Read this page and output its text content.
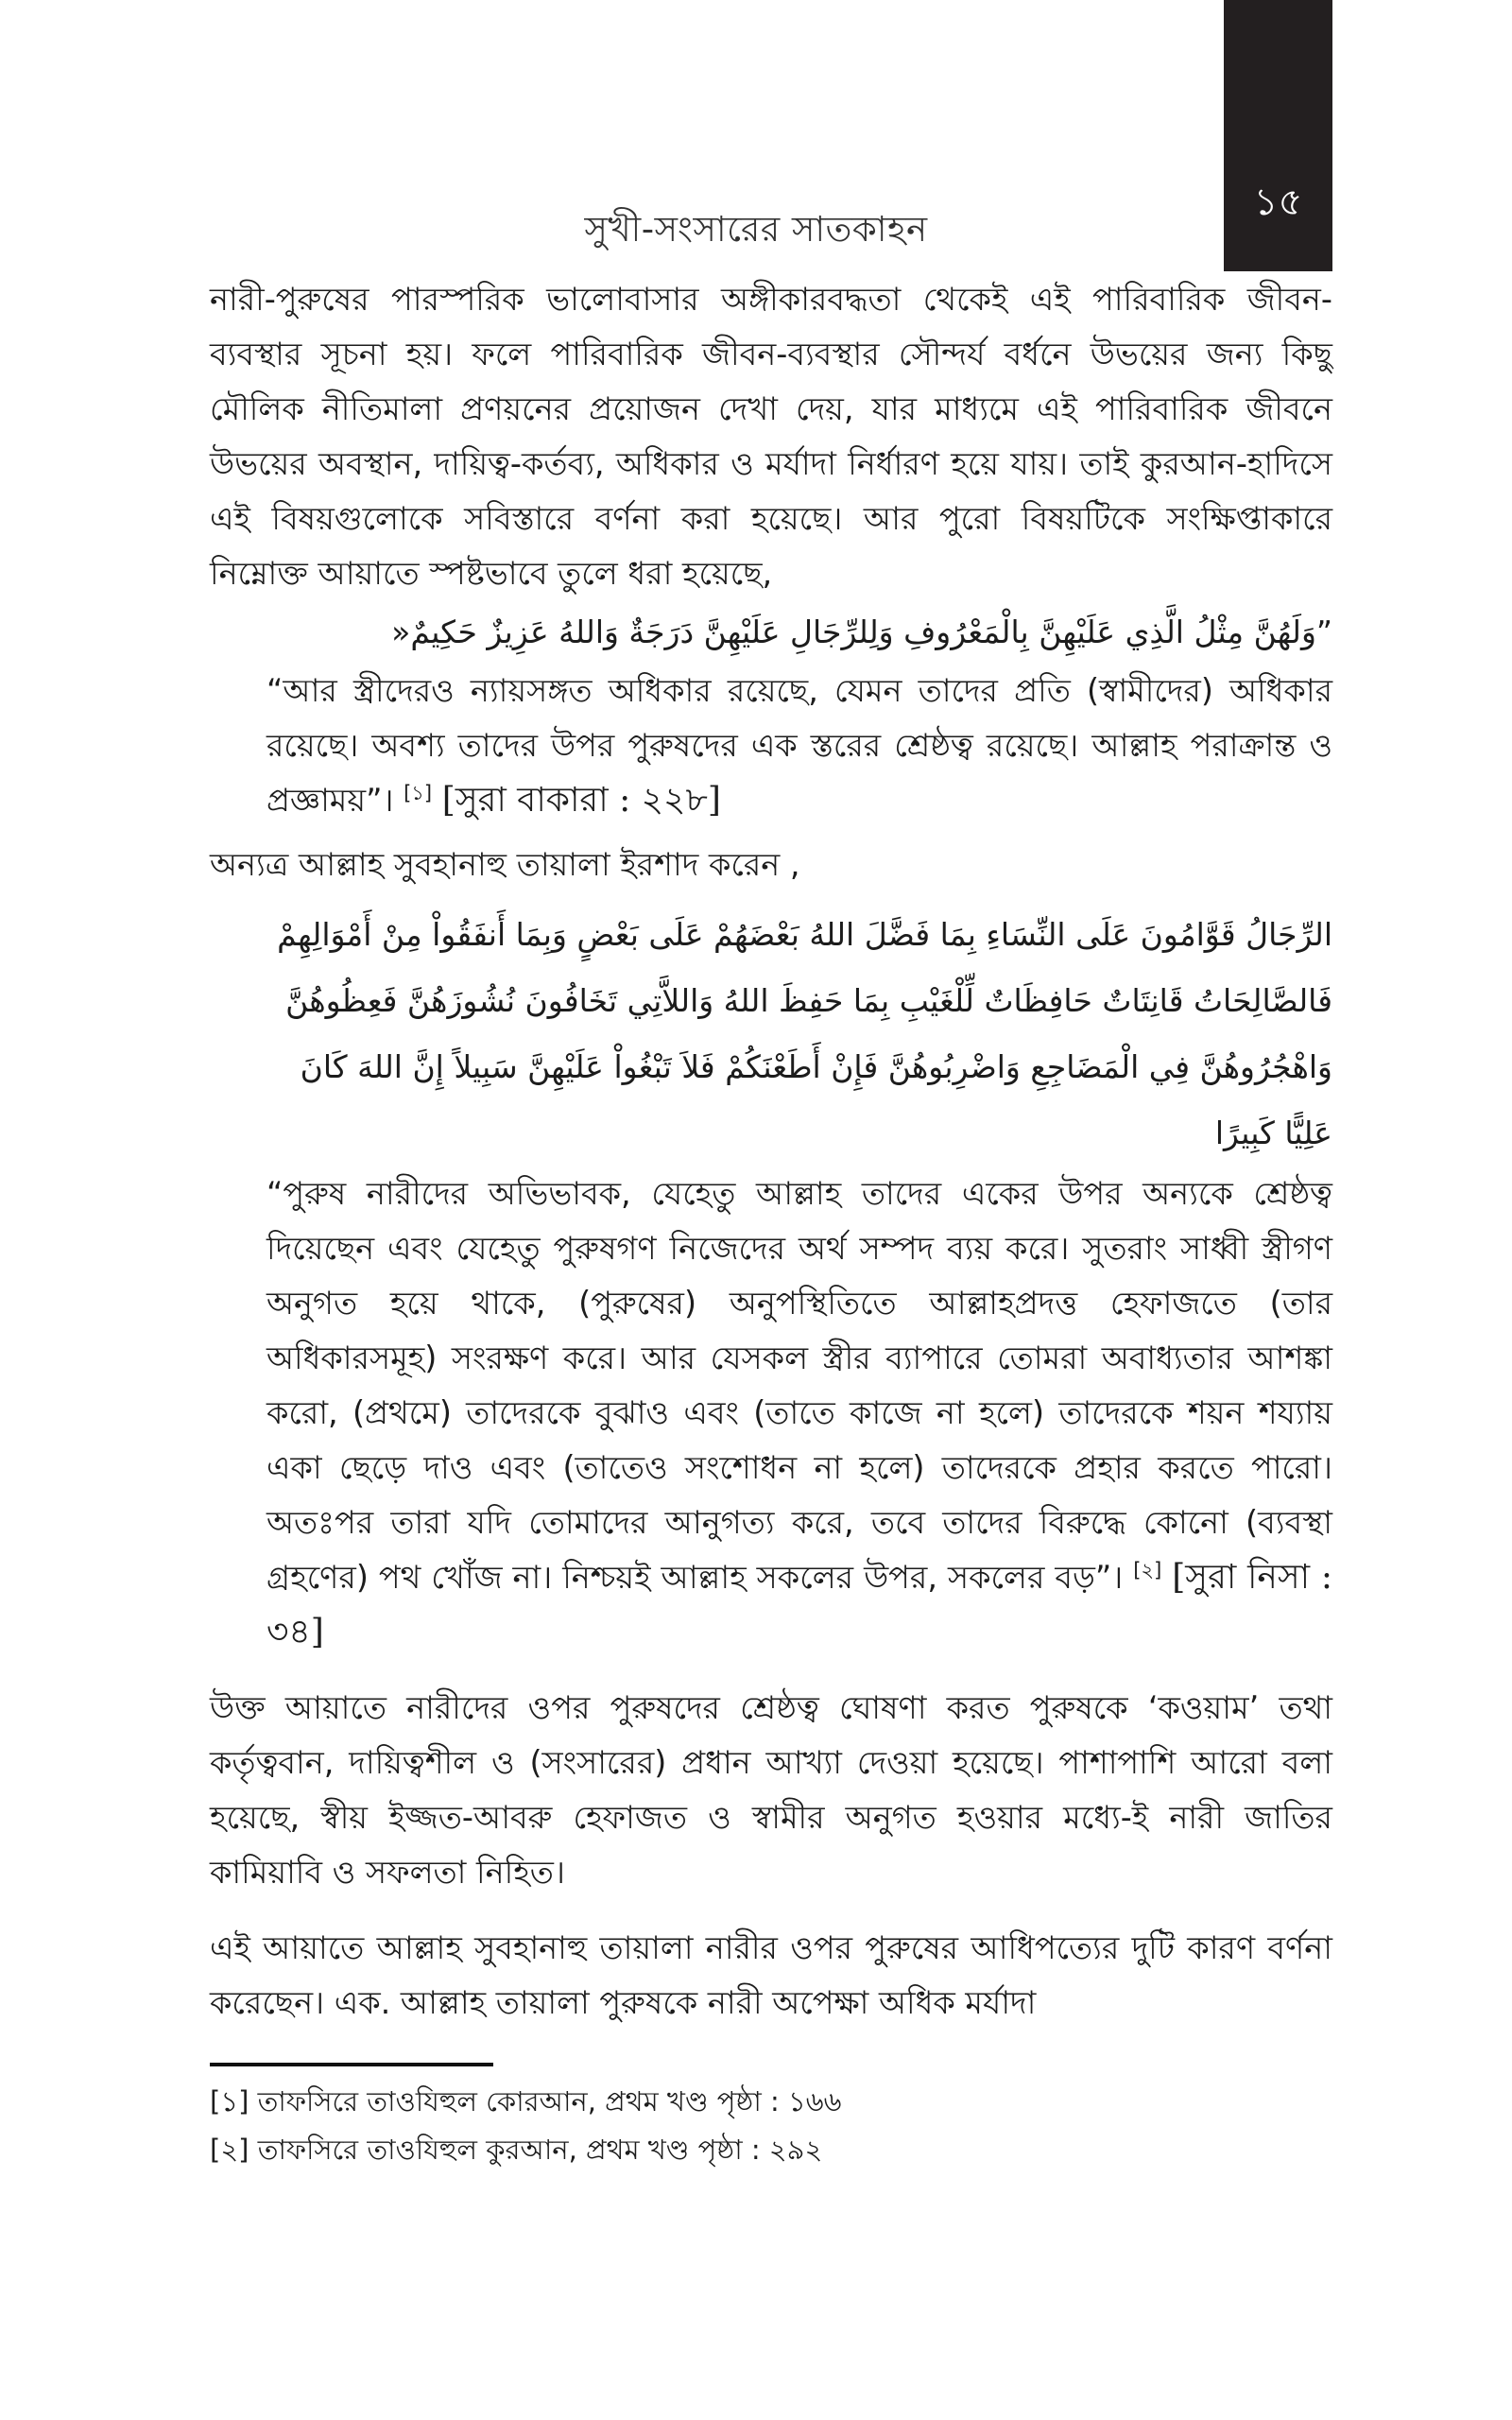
১৫
সুখী-সংসারের সাতকাহন

নারী-পুরুষের পারস্পরিক ভালোবাসার অঙ্গীকারবদ্ধতা থেকেই এই পারিবারিক জীবন-ব্যবস্থার সূচনা হয়। ফলে পারিবারিক জীবন-ব্যবস্থার সৌন্দর্য বর্ধনে উভয়ের জন্য কিছু মৌলিক নীতিমালা প্রণয়নের প্রয়োজন দেখা দেয়, যার মাধ্যমে এই পারিবারিক জীবনে উভয়ের অবস্থান, দায়িত্ব-কর্তব্য, অধিকার ও মর্যাদা নির্ধারণ হয়ে যায়। তাই কুরআন-হাদিসে এই বিষয়গুলোকে সবিস্তারে বর্ণনা করা হয়েছে। আর পুরো বিষয়টিকে সংক্ষিপ্তাকারে নিম্নোক্ত আয়াতে স্পষ্টভাবে তুলে ধরা হয়েছে,

”وَلَهُنَّ مِثْلُ الَّذِي عَلَيْهِنَّ بِالْمَعْرُوفِ وَلِلرِّجَالِ عَلَيْهِنَّ دَرَجَةٌ وَاللهُ عَزِيزٌ حَكِيمٌ«

“আর স্ত্রীদেরও ন্যায়সঙ্গত অধিকার রয়েছে, যেমন তাদের প্রতি (স্বামীদের) অধিকার রয়েছে। অবশ্য তাদের উপর পুরুষদের এক স্তরের শ্রেষ্ঠত্ব রয়েছে। আল্লাহ পরাক্রান্ত ও প্রজ্ঞাময়”। [১] [সুরা বাকারা : ২২৮]

অন্যত্র আল্লাহ সুবহানাহু তায়ালা ইরশাদ করেন ,

الرِّجَالُ قَوَّامُونَ عَلَى النِّسَاءِ بِمَا فَضَّلَ اللهُ بَعْضَهُمْ عَلَى بَعْضٍ وَبِمَا أَنفَقُواْ مِنْ أَمْوَالِهِمْ فَالصَّالِحَاتُ قَانِتَاتٌ حَافِظَاتٌ لِّلْغَيْبِ بِمَا حَفِظَ اللهُ وَاللاَّتِي تَخَافُونَ نُشُوزَهُنَّ فَعِظُوهُنَّ وَاهْجُرُوهُنَّ فِي الْمَضَاجِعِ وَاضْرِبُوهُنَّ فَإِنْ أَطَعْنَكُمْ فَلاَ تَبْغُواْ عَلَيْهِنَّ سَبِيلاً إِنَّ اللهَ كَانَ عَلِيًّا كَبِيرًا

“পুরুষ নারীদের অভিভাবক, যেহেতু আল্লাহ তাদের একের উপর অন্যকে শ্রেষ্ঠত্ব দিয়েছেন এবং যেহেতু পুরুষগণ নিজেদের অর্থ সম্পদ ব্যয় করে। সুতরাং সাধ্বী স্ত্রীগণ অনুগত হয়ে থাকে, (পুরুষের) অনুপস্থিতিতে আল্লাহপ্রদত্ত হেফাজতে (তার অধিকারসমূহ) সংরক্ষণ করে। আর যেসকল স্ত্রীর ব্যাপারে তোমরা অবাধ্যতার আশঙ্কা করো, (প্রথমে) তাদেরকে বুঝাও এবং (তাতে কাজে না হলে) তাদেরকে শয়ন শয্যায় একা ছেড়ে দাও এবং (তাতেও সংশোধন না হলে) তাদেরকে প্রহার করতে পারো। অতঃপর তারা যদি তোমাদের আনুগত্য করে, তবে তাদের বিরুদ্ধে কোনো (ব্যবস্থা গ্রহণের) পথ খোঁজ না। নিশ্চয়ই আল্লাহ সকলের উপর, সকলের বড়”। [২] [সুরা নিসা : ৩৪]

উক্ত আয়াতে নারীদের ওপর পুরুষদের শ্রেষ্ঠত্ব ঘোষণা করত পুরুষকে ‘কওয়াম’ তথা কর্তৃত্ববান, দায়িত্বশীল ও (সংসারের) প্রধান আখ্যা দেওয়া হয়েছে। পাশাপাশি আরো বলা হয়েছে, স্বীয় ইজ্জত-আবরু হেফাজত ও স্বামীর অনুগত হওয়ার মধ্যে-ই নারী জাতির কামিয়াবি ও সফলতা নিহিত।

এই আয়াতে আল্লাহ সুবহানাহু তায়ালা নারীর ওপর পুরুষের আধিপত্যের দুটি কারণ বর্ণনা করেছেন। এক. আল্লাহ তায়ালা পুরুষকে নারী অপেক্ষা অধিক মর্যাদা

[১] তাফসিরে তাওযিহুল কোরআন, প্রথম খণ্ড পৃষ্ঠা : ১৬৬

[২] তাফসিরে তাওযিহুল কুরআন, প্রথম খণ্ড পৃষ্ঠা : ২৯২
